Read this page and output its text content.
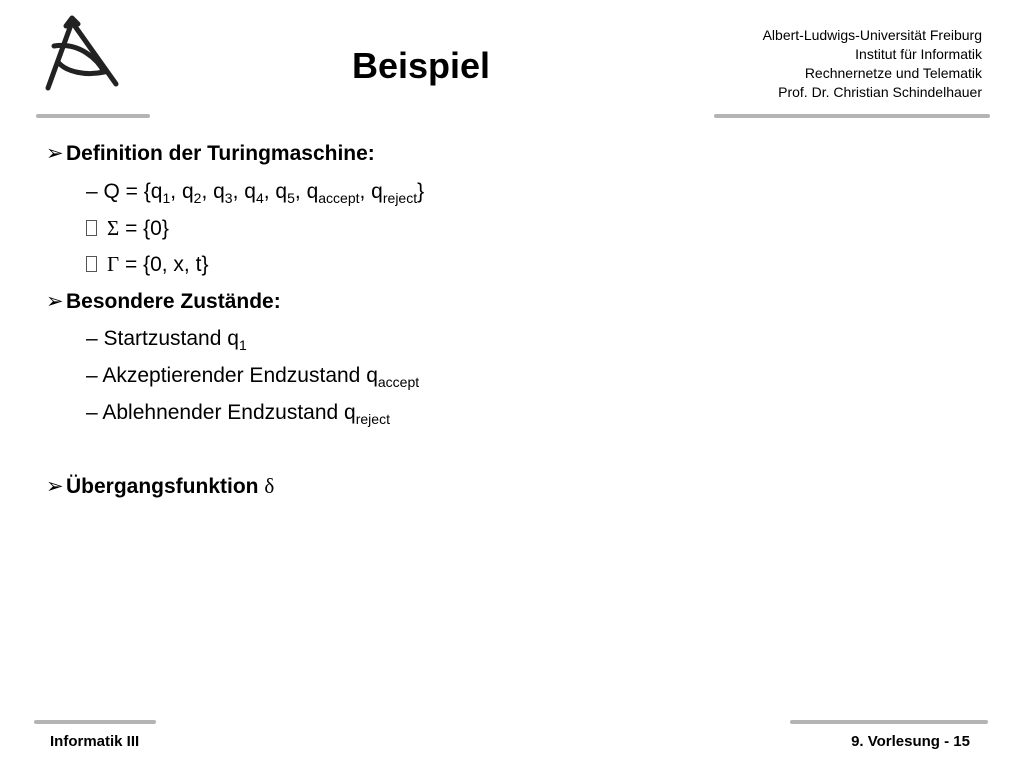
Beispiel
Albert-Ludwigs-Universität Freiburg
Institut für Informatik
Rechnernetze und Telematik
Prof. Dr. Christian Schindelhauer
➢ Definition der Turingmaschine:
– $Q = \{q_1$, $q_2$, $q_3$, $q_4$, $q_5$, $q_{accept}$, $q_{reject}$}
Σ = {0}
Γ = {0, x, t}
➢ Besondere Zustände:
– Startzustand $q_1$
– Akzeptierender Endzustand $q_{accept}$
– Ablehnender Endzustand $q_{reject}$
➢ Übergangsfunktion δ
Informatik III	9. Vorlesung - 15
